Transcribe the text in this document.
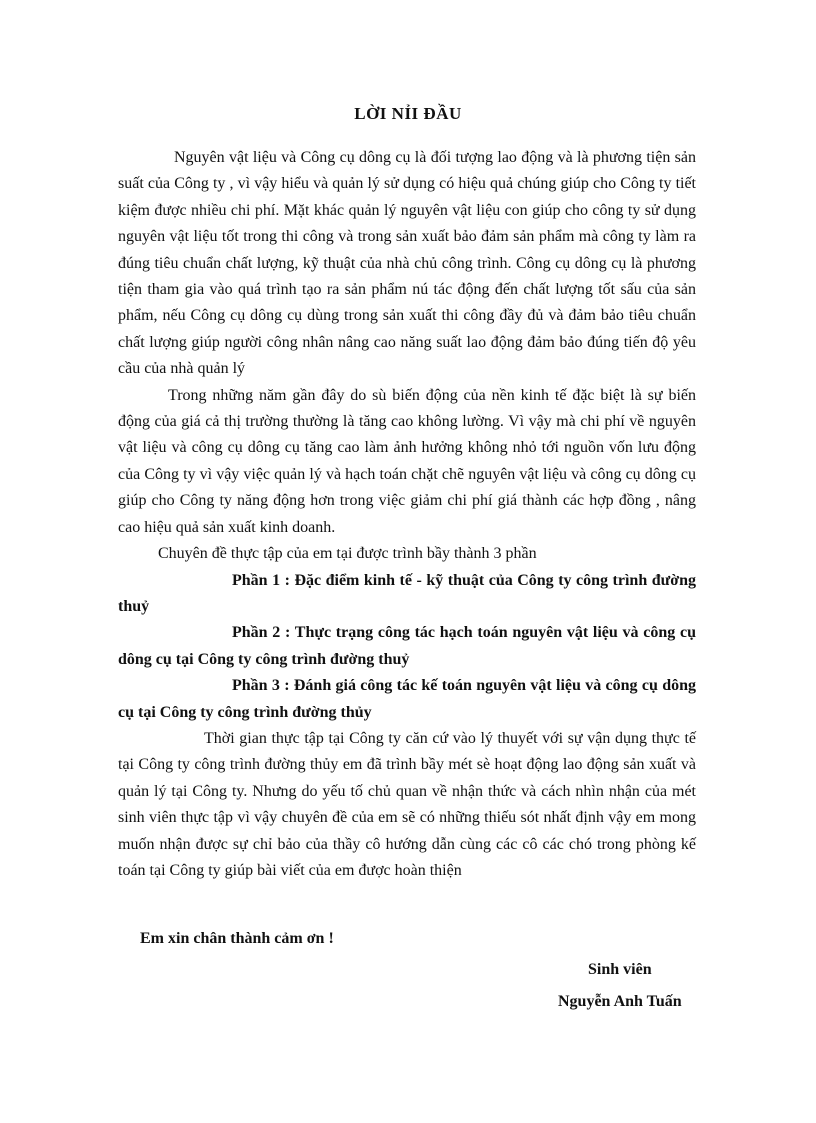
LỜI NỈI ĐẦU

Nguyên vật liệu và Công cụ dông cụ là đối tượng lao động và là phương tiện sản suất của Công ty , vì vậy hiểu và quản lý sử dụng có hiệu quả chúng giúp cho Công ty tiết kiệm được nhiều chi phí. Mặt khác quản lý nguyên vật liệu con giúp cho công ty sử dụng nguyên vật liệu tốt trong thi công và trong sản xuất bảo đảm sản phẩm mà công ty làm ra đúng tiêu chuẩn chất lượng, kỹ thuật của nhà chủ công trình. Công cụ dông cụ là phương tiện tham gia vào quá trình tạo ra sản phẩm nú tác động đến chất lượng tốt sấu của sản phẩm, nếu Công cụ dông cụ dùng trong sản xuất thi công đầy đủ và đảm bảo tiêu chuẩn chất lượng giúp người công nhân nâng cao năng suất lao động đảm bảo đúng tiến độ yêu cầu của nhà quản lý

Trong những năm gần đây do sù biến động của nền kinh tế đặc biệt là sự biến động của giá cả thị trường thường là tăng cao không lường. Vì vậy mà chi phí về nguyên vật liệu và công cụ dông cụ tăng cao làm ảnh hưởng không nhỏ tới nguồn vốn lưu động của Công ty vì vậy việc quản lý và hạch toán chặt chẽ nguyên vật liệu và công cụ dông cụ giúp cho Công ty năng động hơn trong việc giảm chi phí giá thành các hợp đồng , nâng cao hiệu quả sản xuất kinh doanh.

Chuyên đề thực tập của em tại được trình bầy thành 3 phần

Phần 1 : Đặc điểm kinh tế - kỹ thuật của Công ty công trình đường thuỷ

Phần 2 : Thực trạng công tác hạch toán nguyên vật liệu và công cụ dông cụ tại Công ty công trình đường thuỷ

Phần 3 : Đánh giá công tác kế toán nguyên vật liệu và công cụ dông cụ tại Công ty công trình đường thủy

Thời gian thực tập tại Công ty căn cứ vào lý thuyết với sự vận dụng thực tế tại Công ty công trình đường thủy em đã trình bầy mét sè hoạt động lao động sản xuất và quản lý tại Công ty. Nhưng do yếu tố chủ quan về nhận thức và cách nhìn nhận của mét sinh viên thực tập vì vậy chuyên đề của em sẽ có những thiếu sót nhất định vậy em mong muốn nhận được sự chỉ bảo của thầy cô hướng dẫn cùng các cô các chó trong phòng kế toán tại Công ty giúp bài viết của em được hoàn thiện

Em xin chân thành cảm ơn !
Sinh viên
Nguyễn Anh Tuấn
